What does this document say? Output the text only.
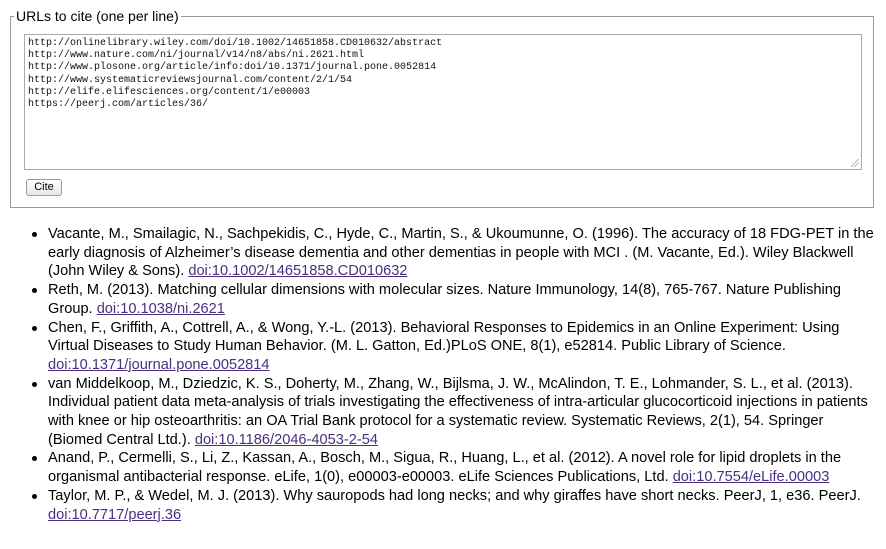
URLs to cite (one per line)
http://onlinelibrary.wiley.com/doi/10.1002/14651858.CD010632/abstract
http://www.nature.com/ni/journal/v14/n8/abs/ni.2621.html
http://www.plosone.org/article/info:doi/10.1371/journal.pone.0052814
http://www.systematicreviewsjournal.com/content/2/1/54
http://elife.elifesciences.org/content/1/e00003
https://peerj.com/articles/36/
Cite
Vacante, M., Smailagic, N., Sachpekidis, C., Hyde, C., Martin, S., & Ukoumunne, O. (1996). The accuracy of 18 FDG-PET in the early diagnosis of Alzheimer’s disease dementia and other dementias in people with MCI . (M. Vacante, Ed.). Wiley Blackwell (John Wiley & Sons). doi:10.1002/14651858.CD010632
Reth, M. (2013). Matching cellular dimensions with molecular sizes. Nature Immunology, 14(8), 765-767. Nature Publishing Group. doi:10.1038/ni.2621
Chen, F., Griffith, A., Cottrell, A., & Wong, Y.-L. (2013). Behavioral Responses to Epidemics in an Online Experiment: Using Virtual Diseases to Study Human Behavior. (M. L. Gatton, Ed.)PLoS ONE, 8(1), e52814. Public Library of Science. doi:10.1371/journal.pone.0052814
van Middelkoop, M., Dziedzic, K. S., Doherty, M., Zhang, W., Bijlsma, J. W., McAlindon, T. E., Lohmander, S. L., et al. (2013). Individual patient data meta-analysis of trials investigating the effectiveness of intra-articular glucocorticoid injections in patients with knee or hip osteoarthritis: an OA Trial Bank protocol for a systematic review. Systematic Reviews, 2(1), 54. Springer (Biomed Central Ltd.). doi:10.1186/2046-4053-2-54
Anand, P., Cermelli, S., Li, Z., Kassan, A., Bosch, M., Sigua, R., Huang, L., et al. (2012). A novel role for lipid droplets in the organismal antibacterial response. eLife, 1(0), e00003-e00003. eLife Sciences Publications, Ltd. doi:10.7554/eLife.00003
Taylor, M. P., & Wedel, M. J. (2013). Why sauropods had long necks; and why giraffes have short necks. PeerJ, 1, e36. PeerJ. doi:10.7717/peerj.36
